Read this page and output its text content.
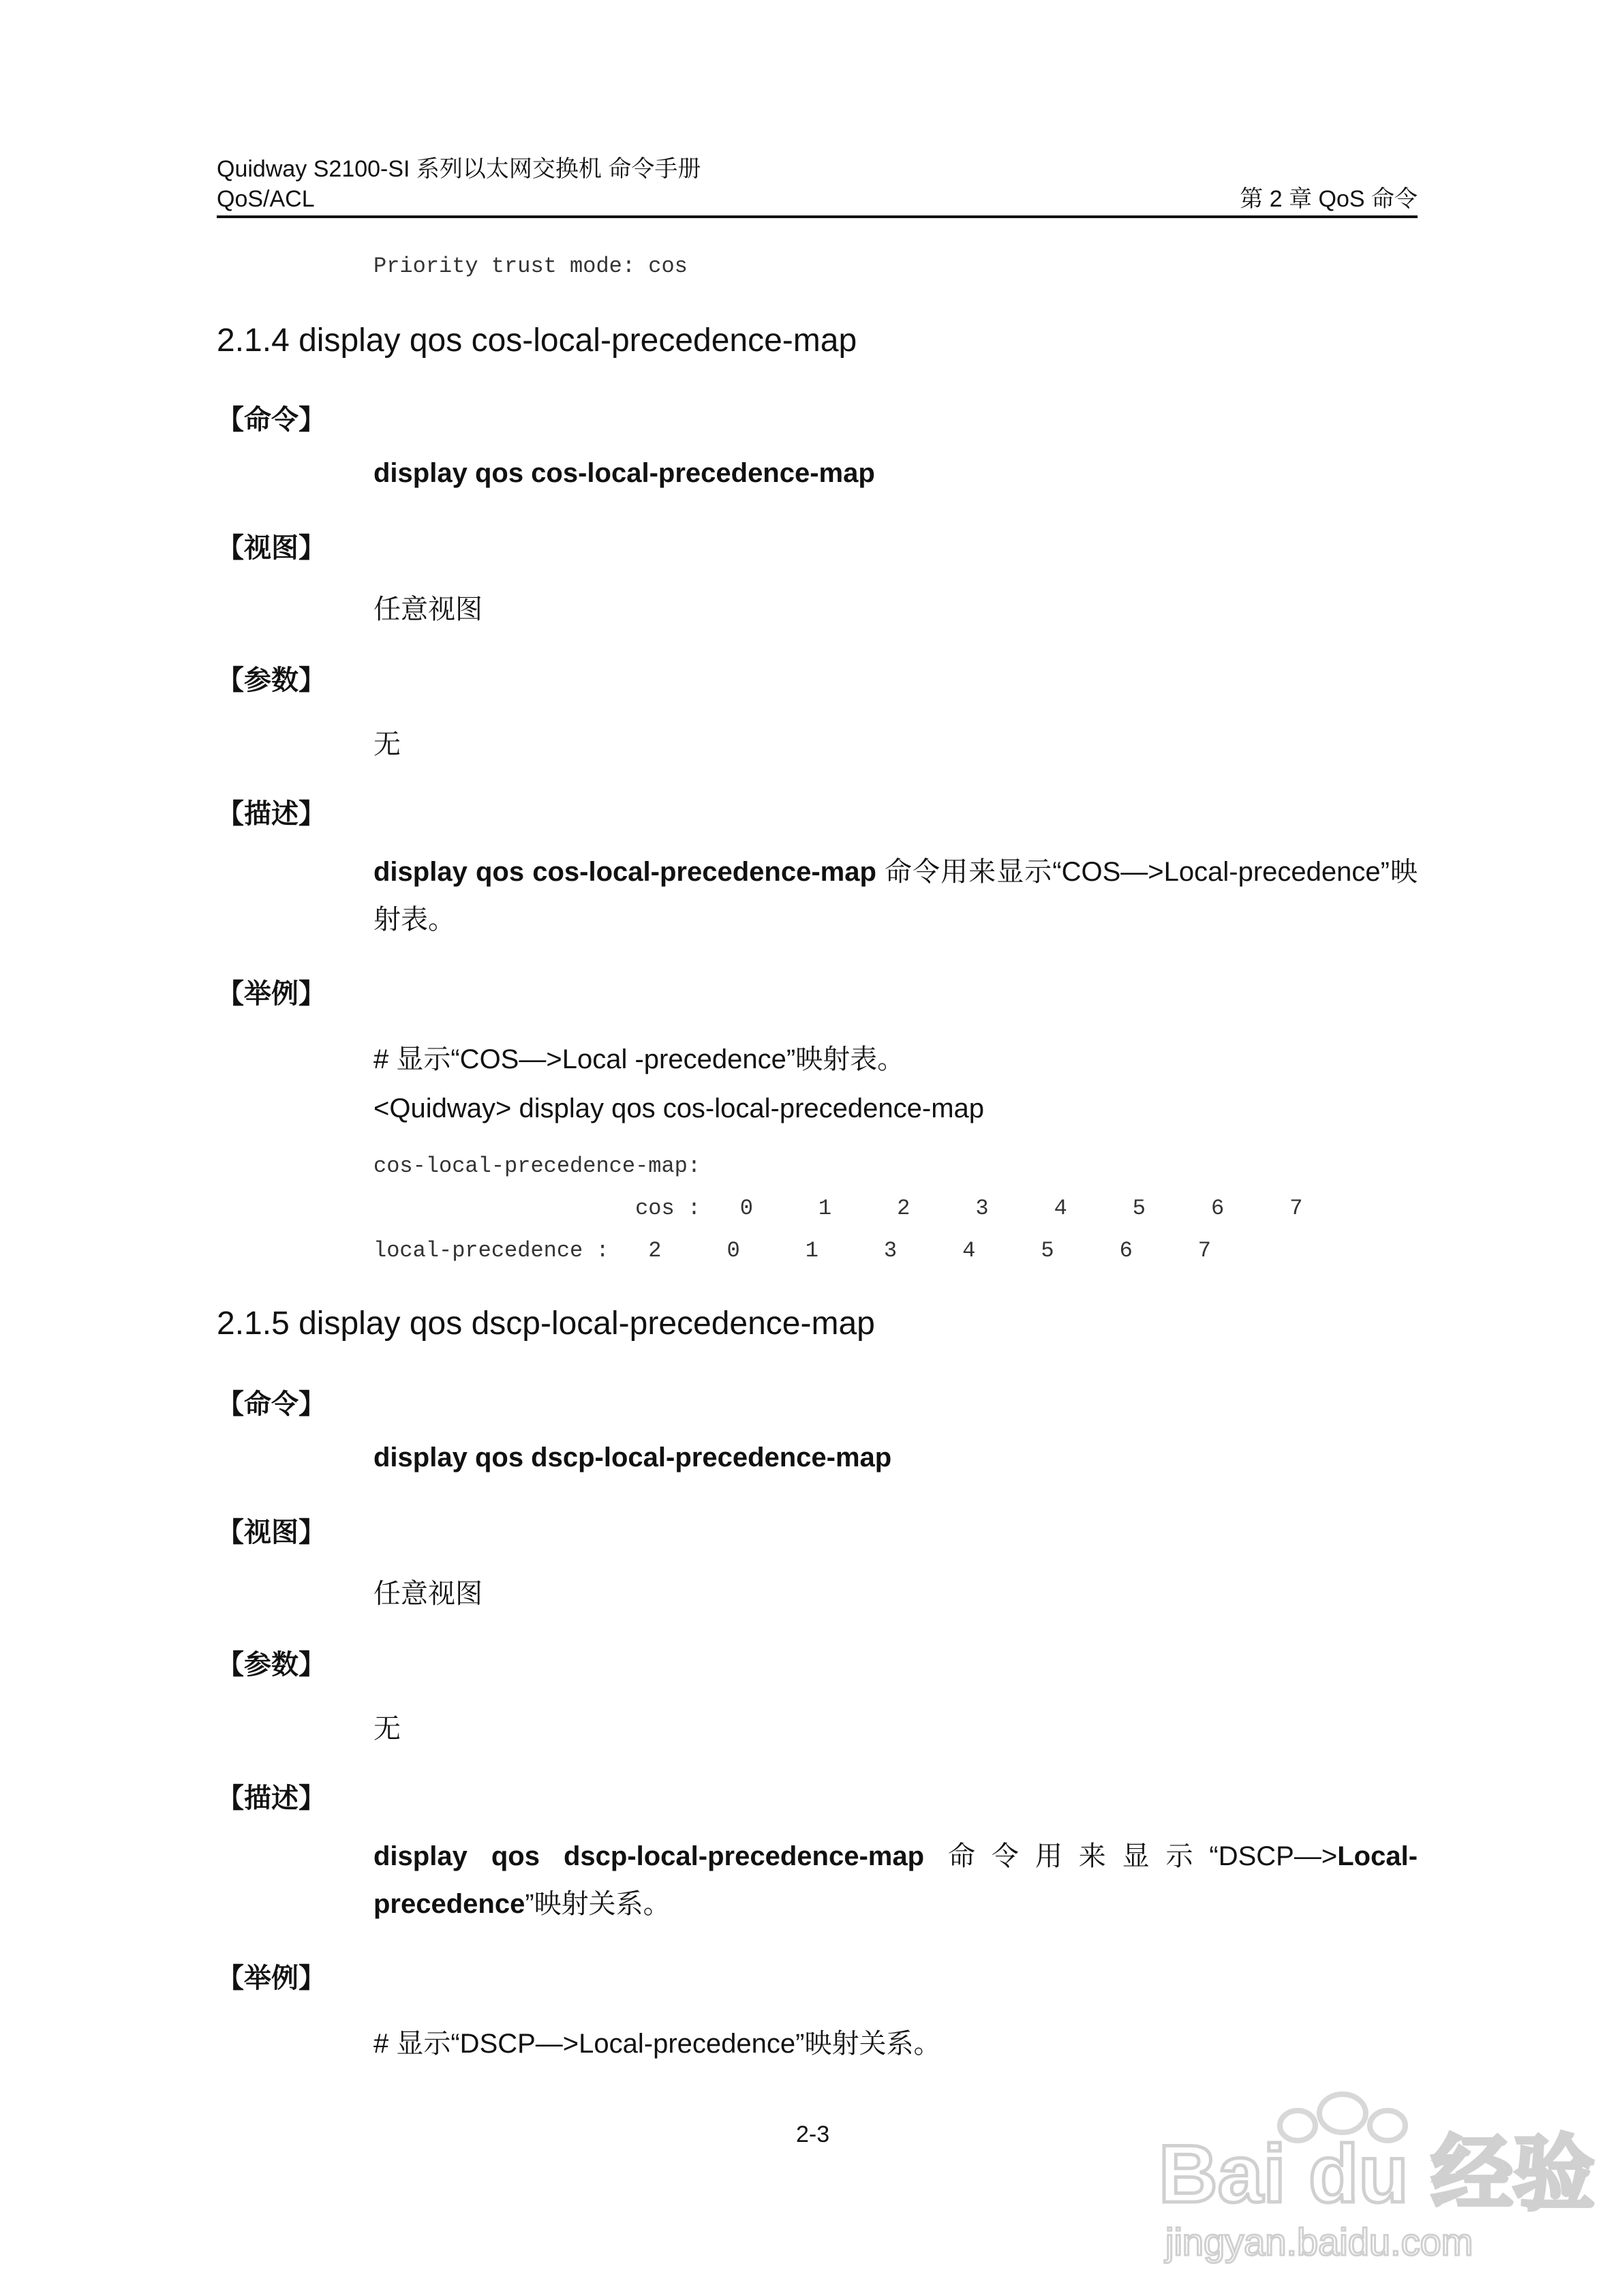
Quidway S2100-SI 系列以太网交换机 命令手册
QoS/ACL	第 2 章 QoS 命令
Priority trust mode: cos
2.1.4 display qos cos-local-precedence-map
【命令】
display qos cos-local-precedence-map
【视图】
任意视图
【参数】
无
【描述】
display qos cos-local-precedence-map 命令用来显示“COS—>Local-precedence”映射表。
【举例】
# 显示“COS—>Local -precedence”映射表。
<Quidway> display qos cos-local-precedence-map
cos-local-precedence-map:
cos :   0     1     2     3     4     5     6     7
local-precedence :   2     0     1     3     4     5     6     7
2.1.5 display qos dscp-local-precedence-map
【命令】
display qos dscp-local-precedence-map
【视图】
任意视图
【参数】
无
【描述】
display qos dscp-local-precedence-map 命令用来显示“DSCP—>Local-precedence”映射关系。
【举例】
# 显示“DSCP—>Local-precedence”映射关系。
2-3	Bai du 经验
jingyan.baidu.com
